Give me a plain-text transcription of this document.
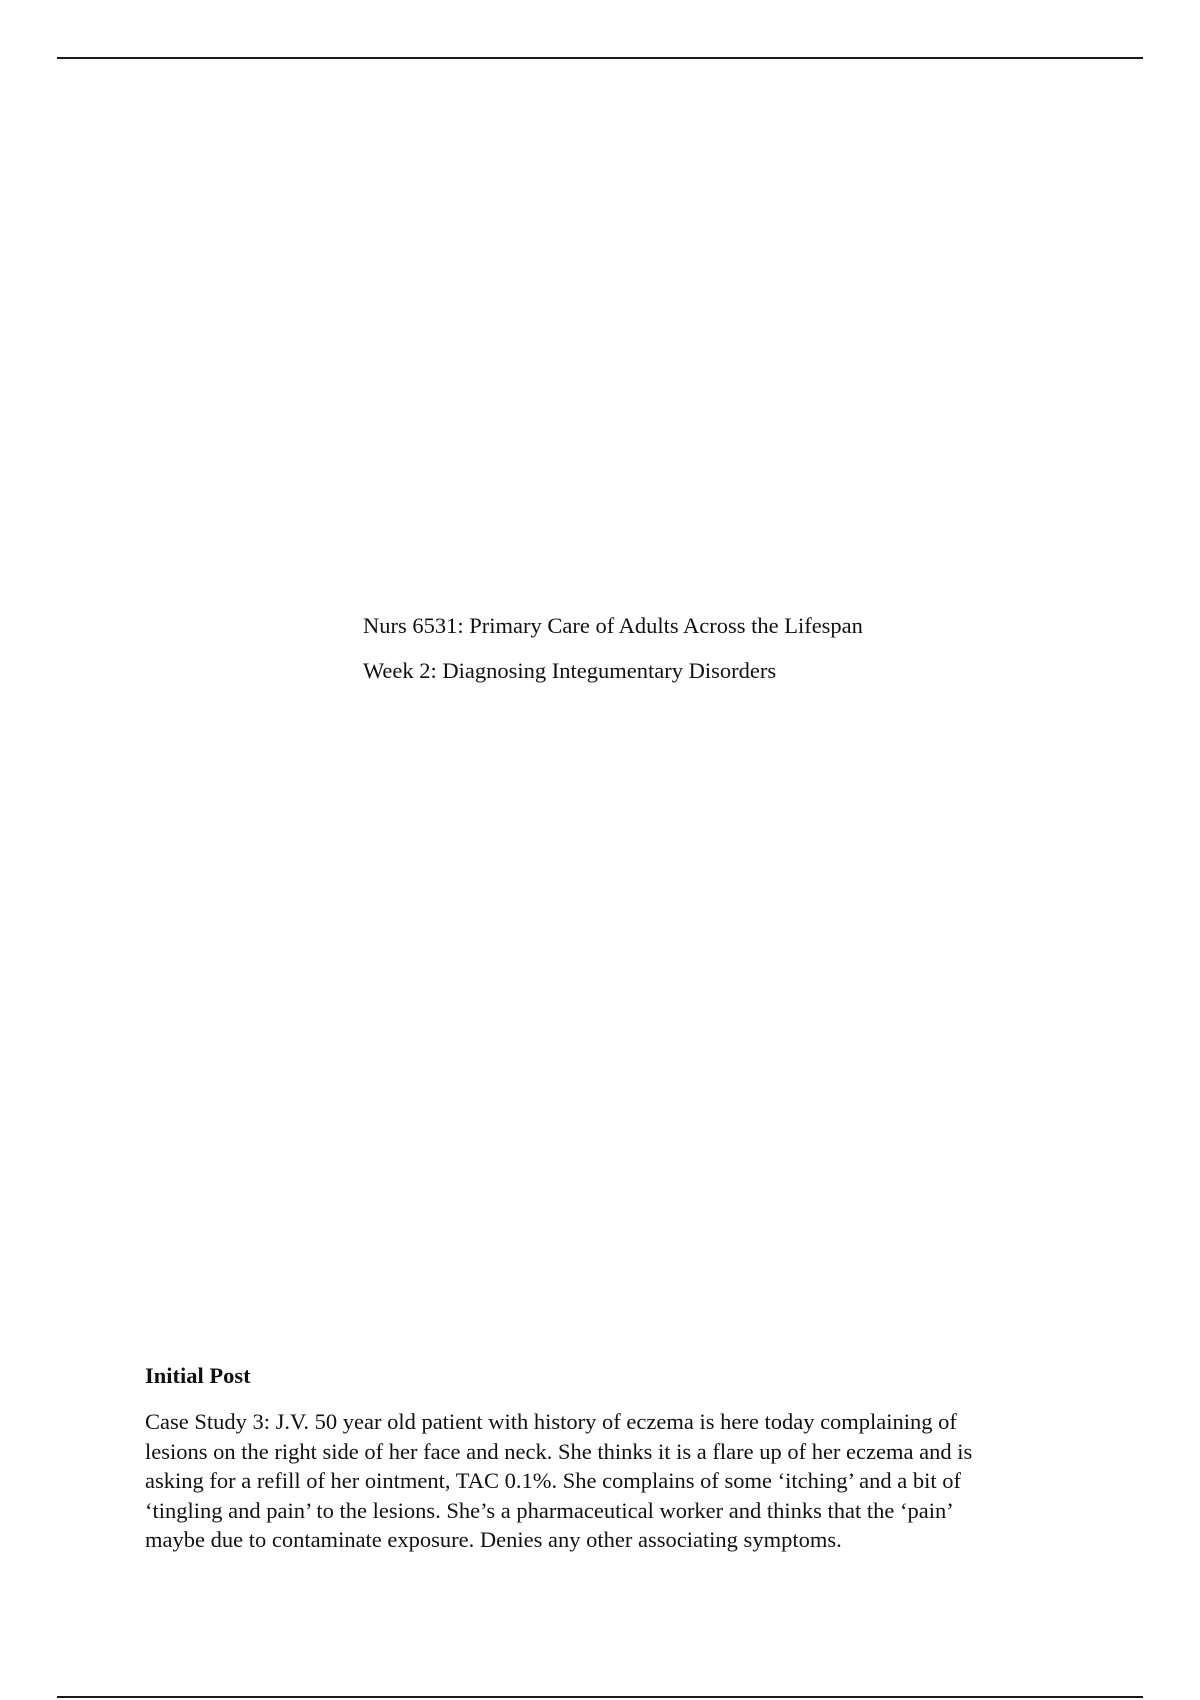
Nurs 6531: Primary Care of Adults Across the Lifespan

Week 2: Diagnosing Integumentary Disorders

Initial Post

Case Study 3: J.V. 50 year old patient with history of eczema is here today complaining of
lesions on the right side of her face and neck. She thinks it is a flare up of her eczema and is
asking for a refill of her ointment, TAC 0.1%. She complains of some ‘itching’ and a bit of
‘tingling and pain’ to the lesions. She’s a pharmaceutical worker and thinks that the ‘pain’
maybe due to contaminate exposure. Denies any other associating symptoms.
